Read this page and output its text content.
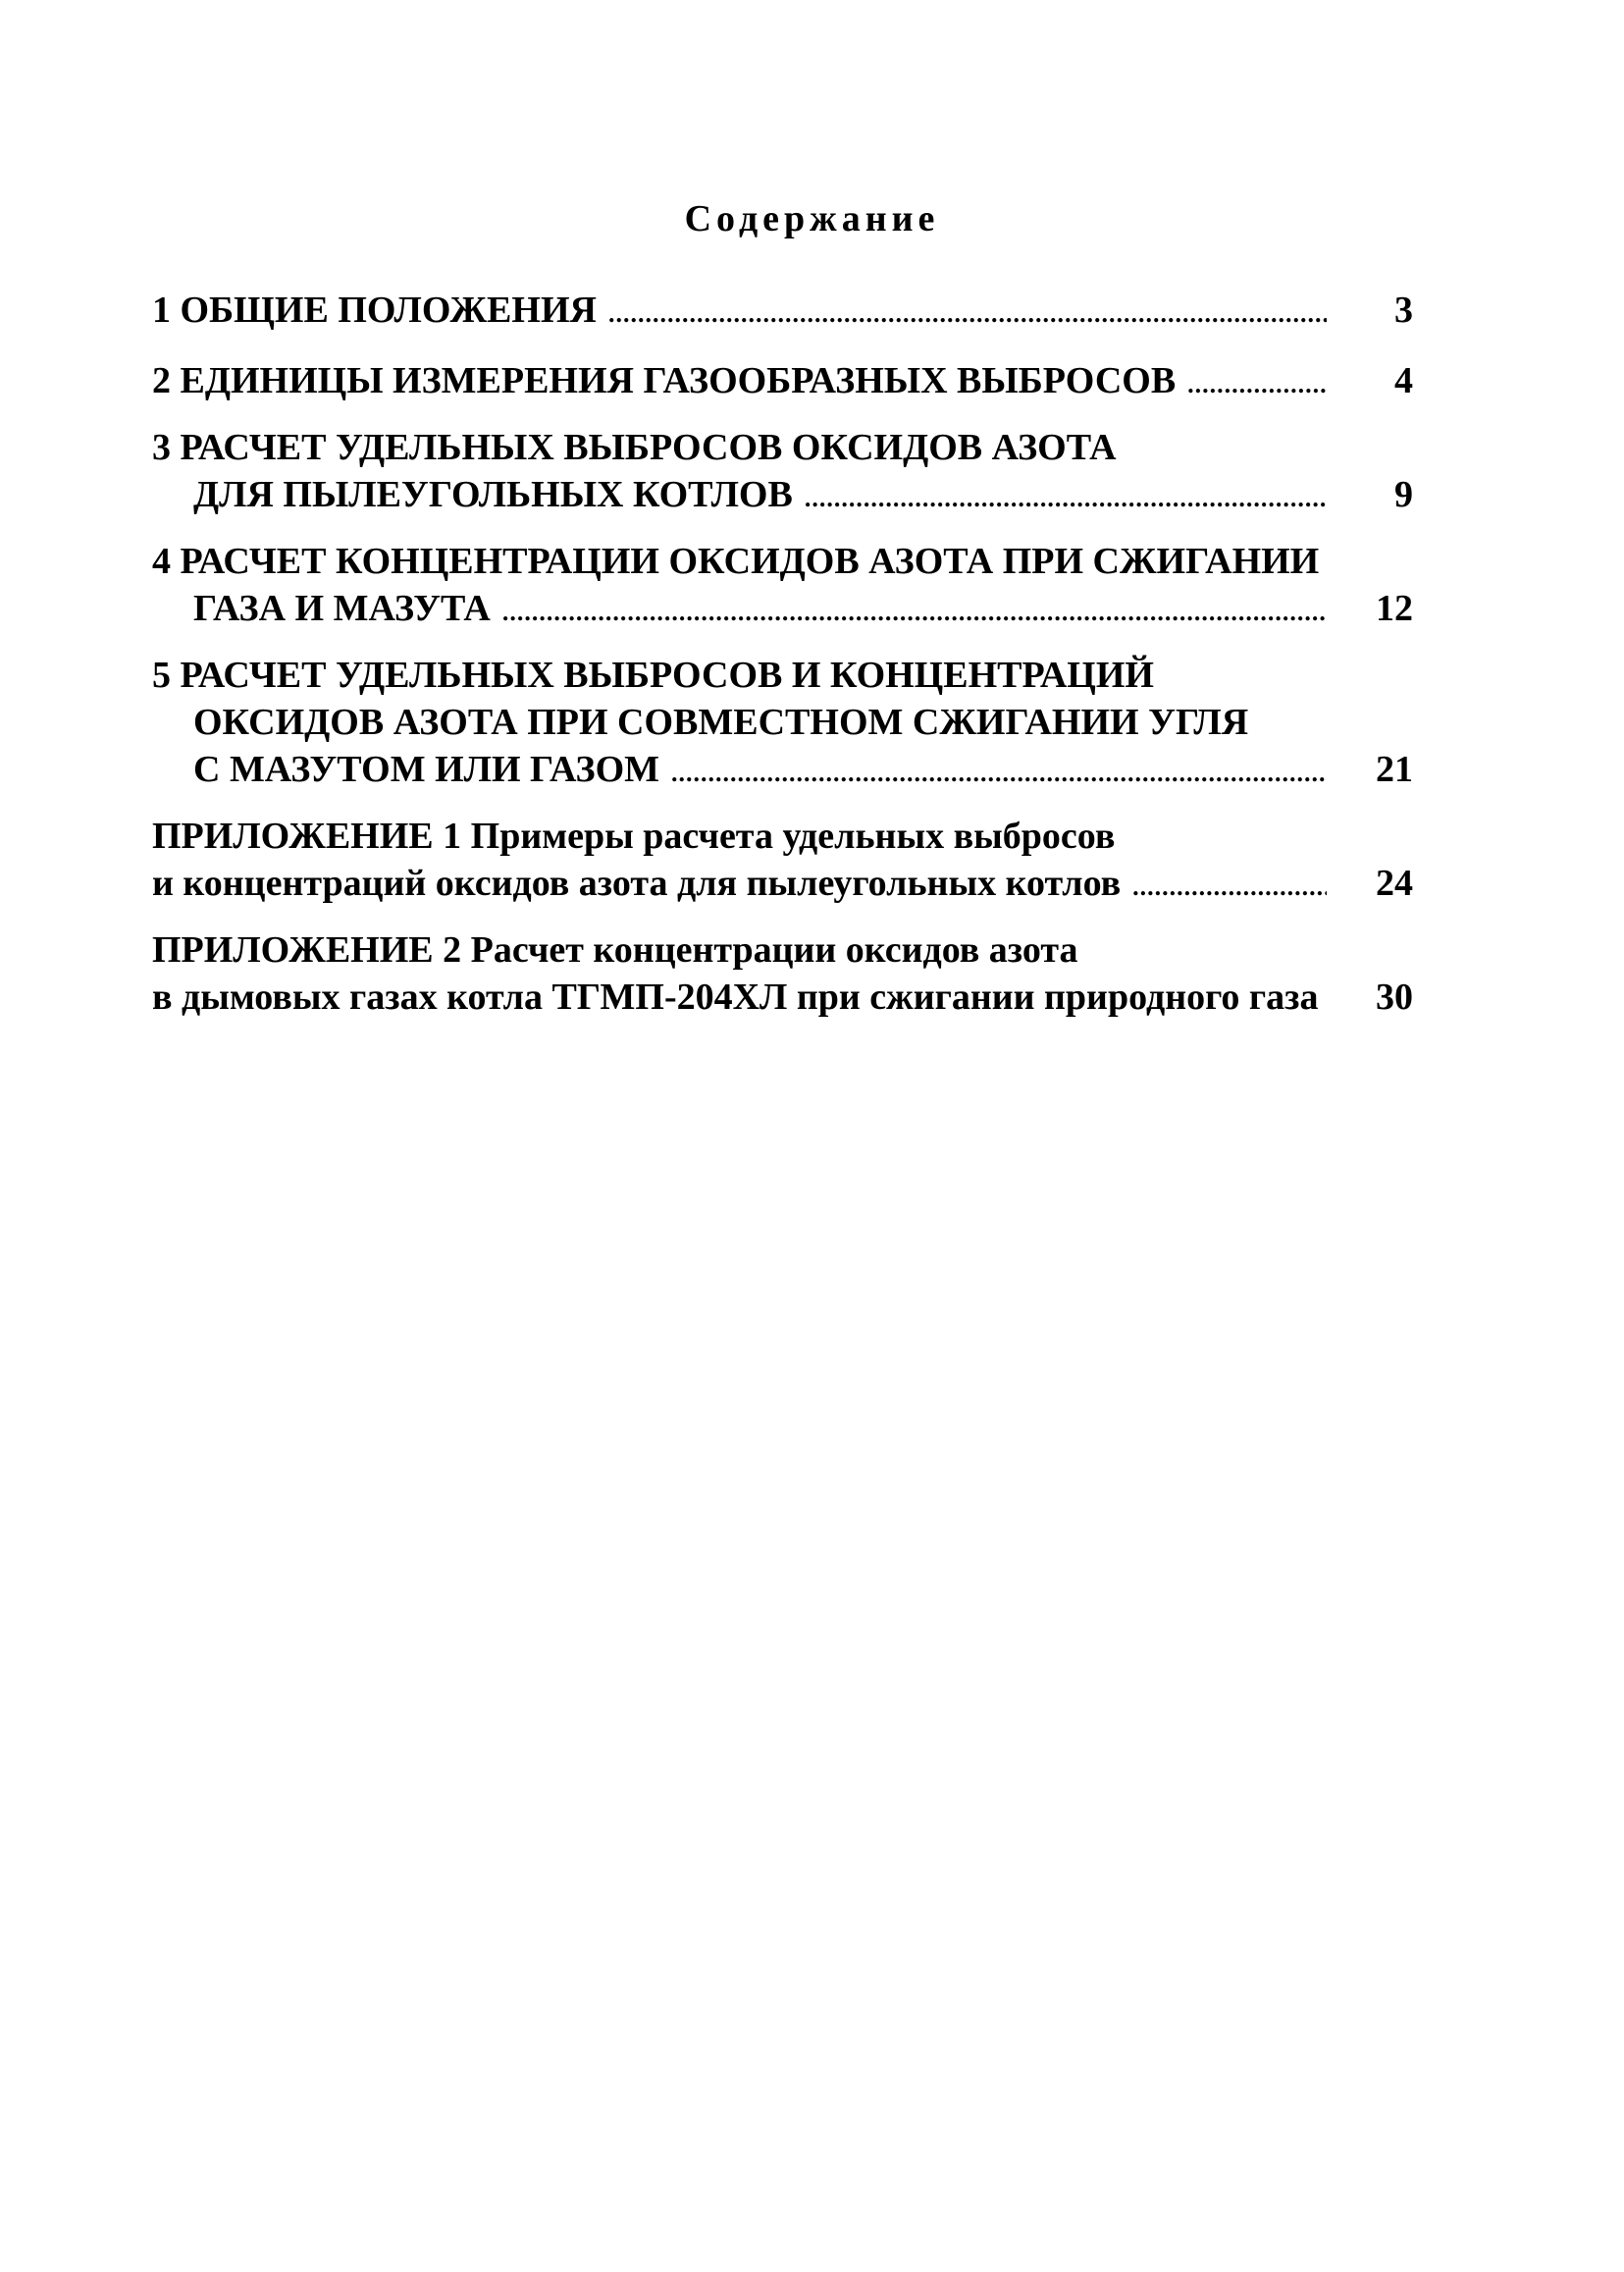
Содержание
1 ОБЩИЕ ПОЛОЖЕНИЯ .....	3
2 ЕДИНИЦЫ ИЗМЕРЕНИЯ ГАЗООБРАЗНЫХ ВЫБРОСОВ .....	4
3 РАСЧЕТ УДЕЛЬНЫХ ВЫБРОСОВ ОКСИДОВ АЗОТА
ДЛЯ ПЫЛЕУГОЛЬНЫХ КОТЛОВ .....	9
4 РАСЧЕТ КОНЦЕНТРАЦИИ ОКСИДОВ АЗОТА ПРИ СЖИГАНИИ
ГАЗА И МАЗУТА .....	12
5 РАСЧЕТ УДЕЛЬНЫХ ВЫБРОСОВ И КОНЦЕНТРАЦИЙ
ОКСИДОВ АЗОТА ПРИ СОВМЕСТНОМ СЖИГАНИИ УГЛЯ
С МАЗУТОМ ИЛИ ГАЗОМ .....	21
ПРИЛОЖЕНИЕ 1 Примеры расчета удельных выбросов
и концентраций оксидов азота для пылеугольных котлов .....	24
ПРИЛОЖЕНИЕ 2 Расчет концентрации оксидов азота
в дымовых газах котла ТГМП-204ХЛ при сжигании природного газа	30
